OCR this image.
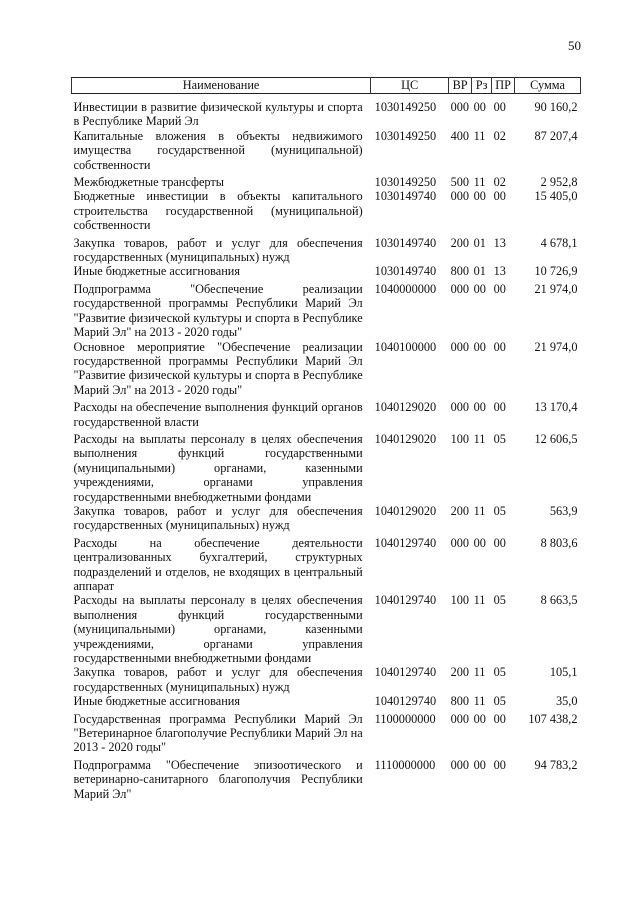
50
Наименование	ЦС	ВР	Рз	ПР	Сумма

Инвестиции в развитие физической культуры и спорта в Республике Марий Эл	1030149250	000	00	00	90 160,2
Капитальные вложения в объекты недвижимого имущества государственной (муниципальной) собственности	1030149250	400	11	02	87 207,4
Межбюджетные трансферты	1030149250	500	11	02	2 952,8
Бюджетные инвестиции в объекты капитального строительства государственной (муниципальной) собственности	1030149740	000	00	00	15 405,0
Закупка товаров, работ и услуг для обеспечения государственных (муниципальных) нужд	1030149740	200	01	13	4 678,1
Иные бюджетные ассигнования	1030149740	800	01	13	10 726,9
Подпрограмма "Обеспечение реализации государственной программы Республики Марий Эл "Развитие физической культуры и спорта в Республике Марий Эл" на 2013 - 2020 годы"	1040000000	000	00	00	21 974,0
Основное мероприятие "Обеспечение реализации государственной программы Республики Марий Эл "Развитие физической культуры и спорта в Республике Марий Эл" на 2013 - 2020 годы"	1040100000	000	00	00	21 974,0
Расходы на обеспечение выполнения функций органов государственной власти	1040129020	000	00	00	13 170,4
Расходы на выплаты персоналу в целях обеспечения выполнения функций государственными (муниципальными) органами, казенными учреждениями, органами управления государственными внебюджетными фондами	1040129020	100	11	05	12 606,5
Закупка товаров, работ и услуг для обеспечения государственных (муниципальных) нужд	1040129020	200	11	05	563,9
Расходы на обеспечение деятельности централизованных бухгалтерий, структурных подразделений и отделов, не входящих в центральный аппарат	1040129740	000	00	00	8 803,6
Расходы на выплаты персоналу в целях обеспечения выполнения функций государственными (муниципальными) органами, казенными учреждениями, органами управления государственными внебюджетными фондами	1040129740	100	11	05	8 663,5
Закупка товаров, работ и услуг для обеспечения государственных (муниципальных) нужд	1040129740	200	11	05	105,1
Иные бюджетные ассигнования	1040129740	800	11	05	35,0
Государственная программа Республики Марий Эл "Ветеринарное благополучие Республики Марий Эл на 2013 - 2020 годы"	1100000000	000	00	00	107 438,2
Подпрограмма "Обеспечение эпизоотического и ветеринарно-санитарного благополучия Республики Марий Эл"	1110000000	000	00	00	94 783,2
